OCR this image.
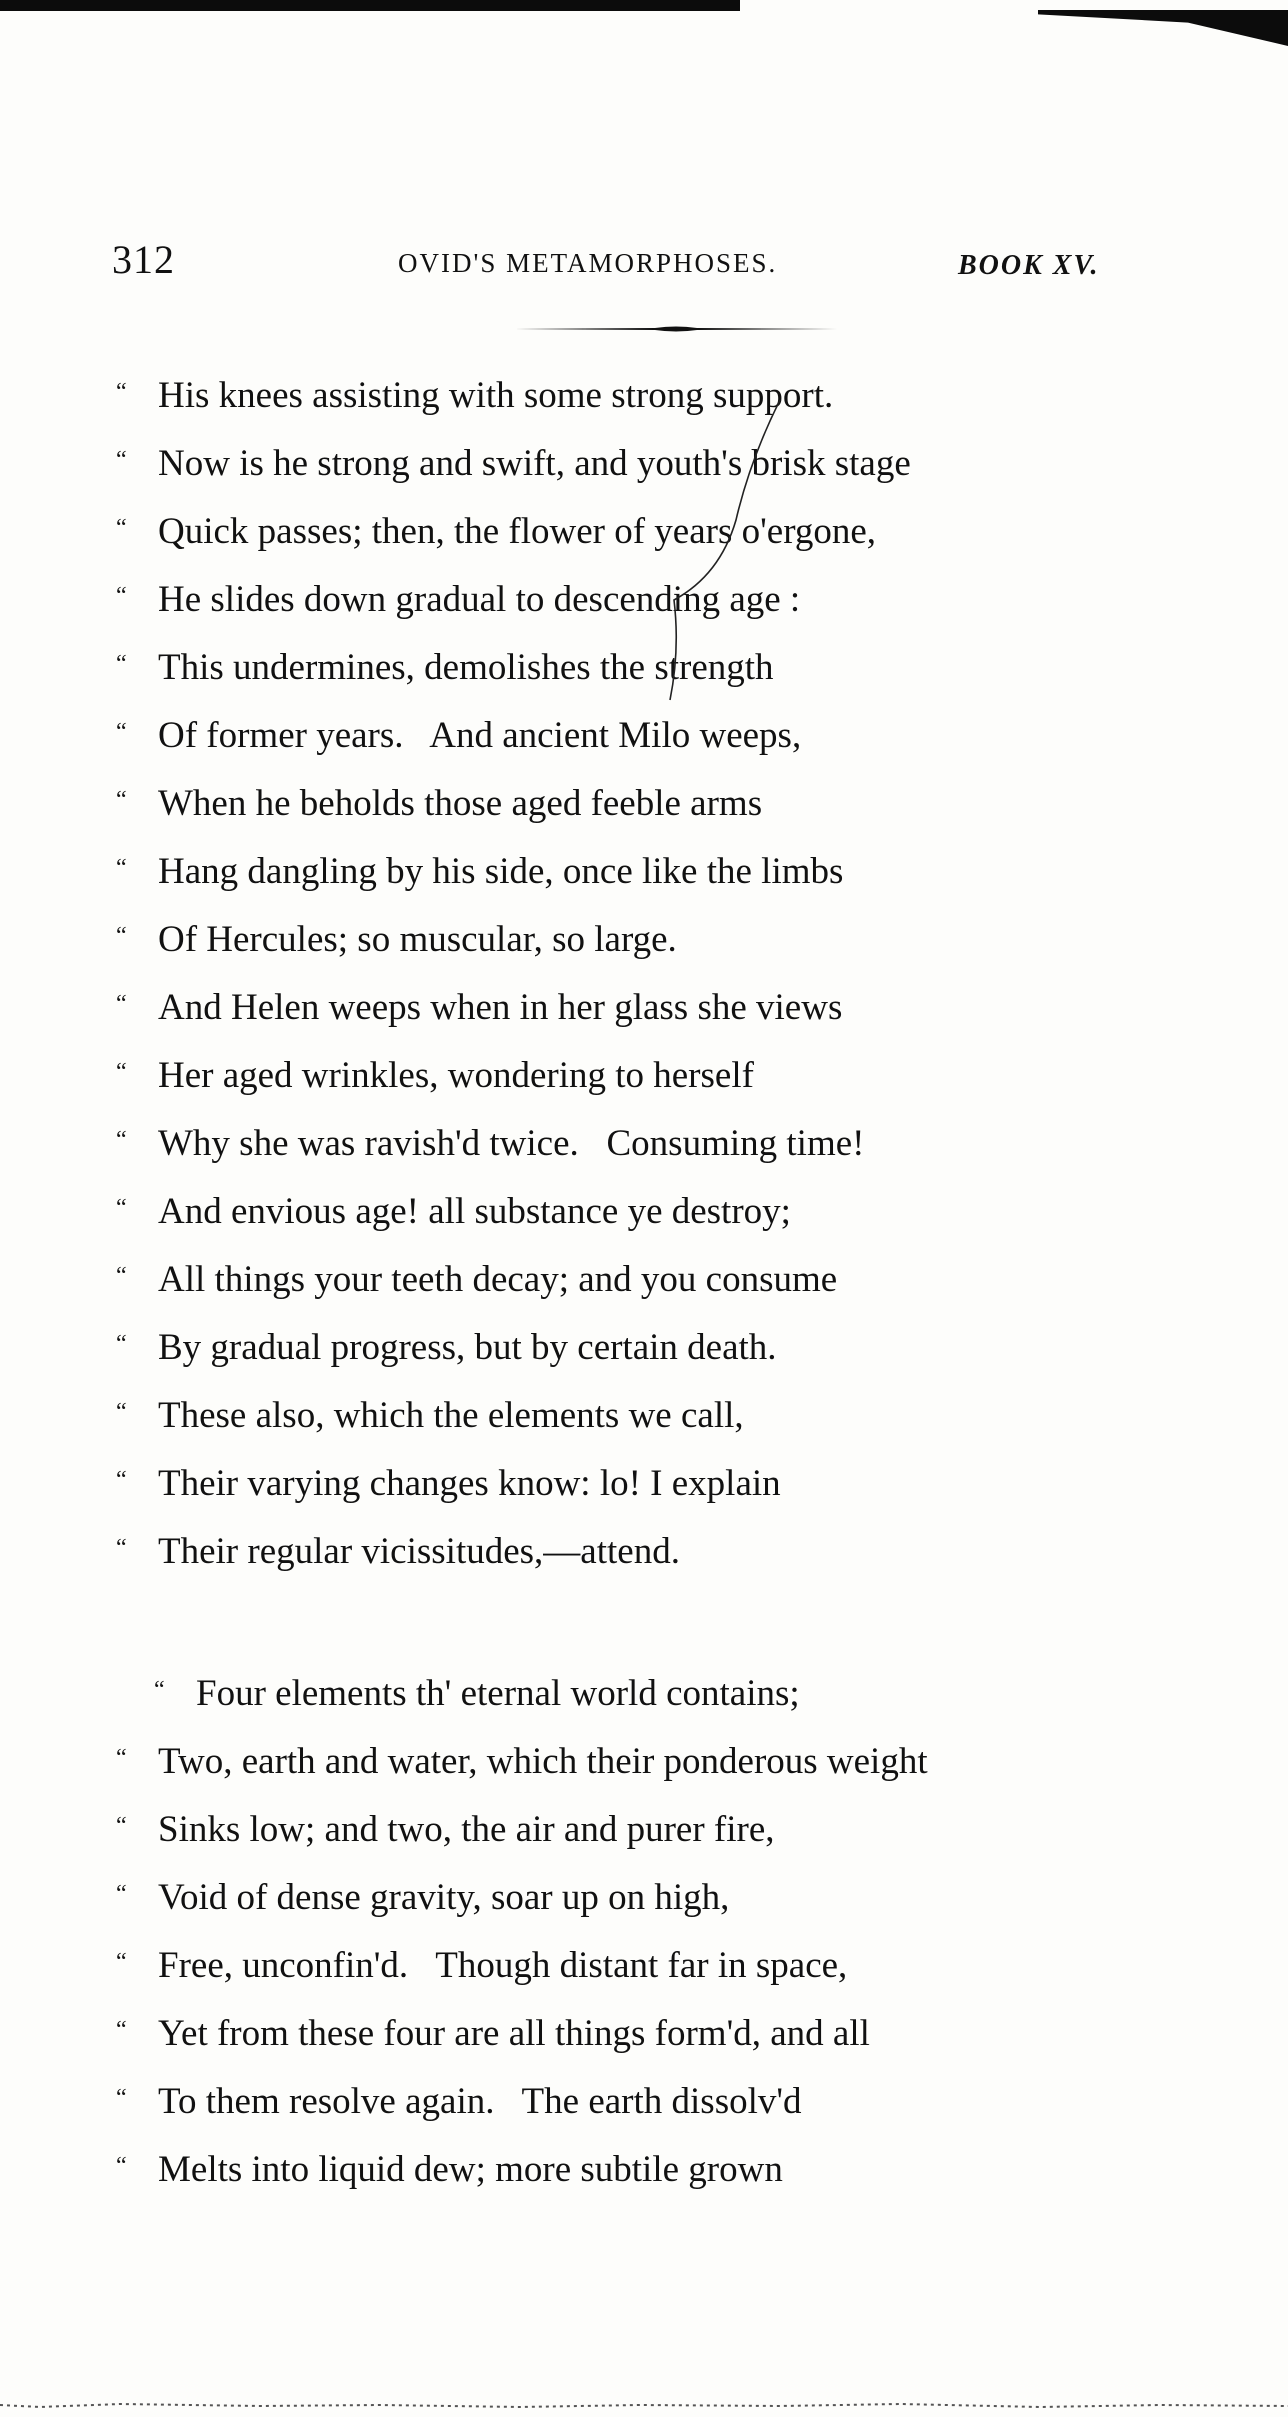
312	OVID'S METAMORPHOSES.	BOOK XV.
“ His knees assisting with some strong support.
“ Now is he strong and swift, and youth's brisk stage
“ Quick passes; then, the flower of years o'ergone,
“ He slides down gradual to descending age :
“ This undermines, demolishes the strength
“ Of former years.   And ancient Milo weeps,
“ When he beholds those aged feeble arms
“ Hang dangling by his side, once like the limbs
“ Of Hercules; so muscular, so large.
“ And Helen weeps when in her glass she views
“ Her aged wrinkles, wondering to herself
“ Why she was ravish'd twice.   Consuming time!
“ And envious age! all substance ye destroy;
“ All things your teeth decay; and you consume
“ By gradual progress, but by certain death.
“ These also, which the elements we call,
“ Their varying changes know: lo! I explain
“ Their regular vicissitudes,—attend.
“ Four elements th' eternal world contains;
“ Two, earth and water, which their ponderous weight
“ Sinks low; and two, the air and purer fire,
“ Void of dense gravity, soar up on high,
“ Free, unconfin'd.   Though distant far in space,
“ Yet from these four are all things form'd, and all
“ To them resolve again.   The earth dissolv'd
“ Melts into liquid dew; more subtile grown
